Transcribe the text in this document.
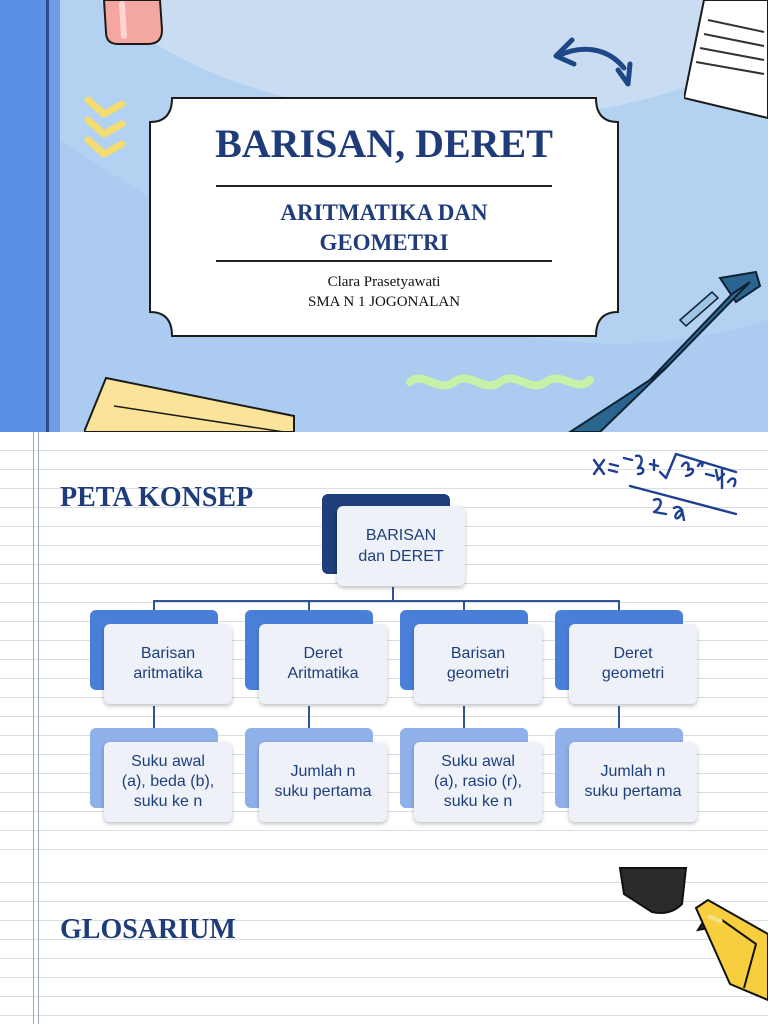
BARISAN, DERET
ARITMATIKA DAN
GEOMETRI
Clara Prasetyawati
SMA N 1 JOGONALAN
PETA KONSEP
BARISAN
dan DERET
Barisan
aritmatika
Deret
Aritmatika
Barisan
geometri
Deret
geometri
Suku awal
(a), beda (b),
suku ke n
Jumlah n
suku pertama
Suku awal
(a), rasio (r),
suku ke n
Jumlah n
suku pertama
GLOSARIUM
